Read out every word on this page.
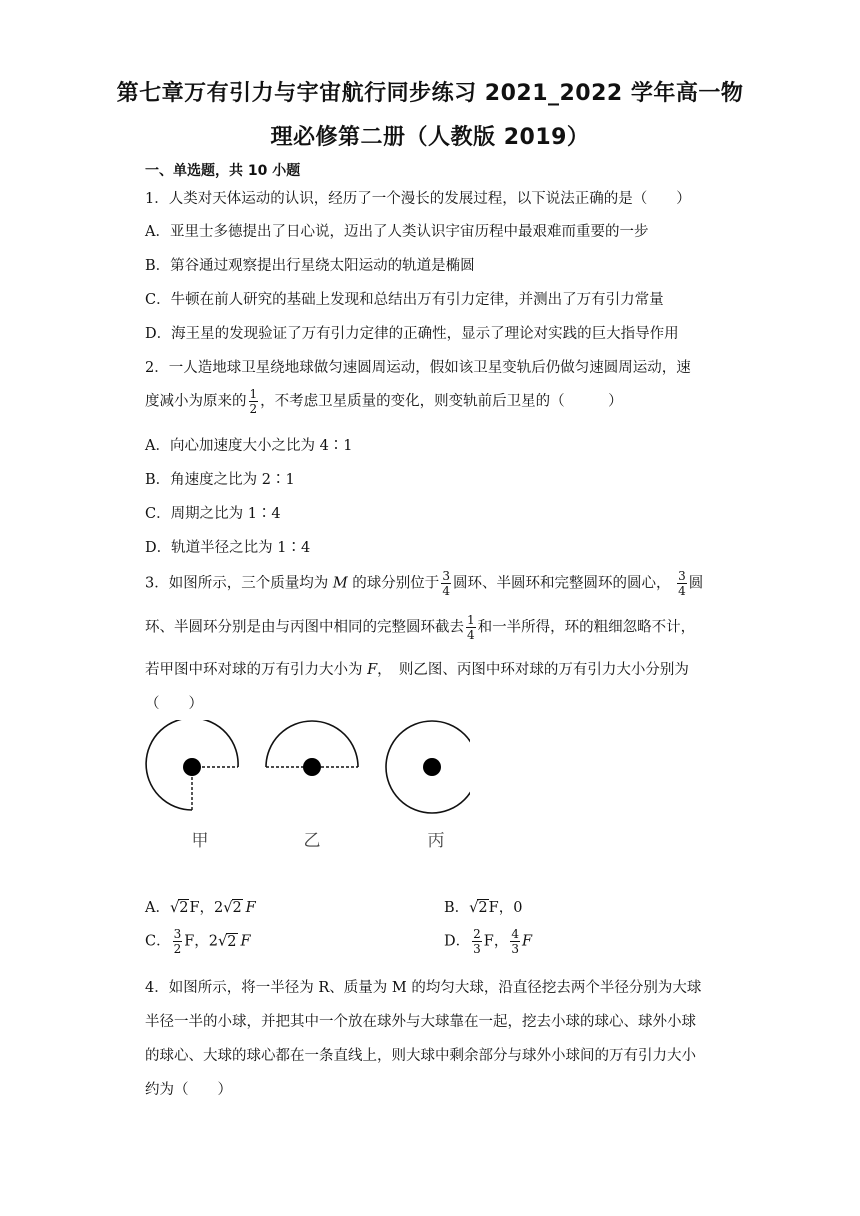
第七章万有引力与宇宙航行同步练习 2021_2022 学年高一物
理必修第二册（人教版 2019）
一、单选题，共 10 小题
1．人类对天体运动的认识，经历了一个漫长的发展过程，以下说法正确的是（　　）
A．亚里士多德提出了日心说，迈出了人类认识宇宙历程中最艰难而重要的一步
B．第谷通过观察提出行星绕太阳运动的轨道是椭圆
C．牛顿在前人研究的基础上发现和总结出万有引力定律，并测出了万有引力常量
D．海王星的发现验证了万有引力定律的正确性，显示了理论对实践的巨大指导作用
2．一人造地球卫星绕地球做匀速圆周运动，假如该卫星变轨后仍做匀速圆周运动，速
度减小为原来的 $\frac{1}{2}$ ，不考虑卫星质量的变化，则变轨前后卫星的（　　　）
A．向心加速度大小之比为 4∶1
B．角速度之比为 2∶1
C．周期之比为 1∶4
D．轨道半径之比为 1∶4
3．如图所示，三个质量均为 M 的球分别位于 $\frac{3}{4}$ 圆环、半圆环和完整圆环的圆心， $\frac{3}{4}$ 圆
环、半圆环分别是由与丙图中相同的完整圆环截去 $\frac{1}{4}$ 和一半所得，环的粗细忽略不计，
若甲图中环对球的万有引力大小为 F，　则乙图、丙图中环对球的万有引力大小分别为
（　　）
甲	乙	丙
A．√2F，2√2  F	B．√2F，0
C． $\frac{3}{2}$ F，2√2  F	D． $\frac{2}{3}$ F， $\frac{4}{3}$ F
4．如图所示，将一半径为 R、质量为 M 的均匀大球，沿直径挖去两个半径分别为大球
半径一半的小球，并把其中一个放在球外与大球靠在一起，挖去小球的球心、球外小球
的球心、大球的球心都在一条直线上，则大球中剩余部分与球外小球间的万有引力大小
约为（　　）
